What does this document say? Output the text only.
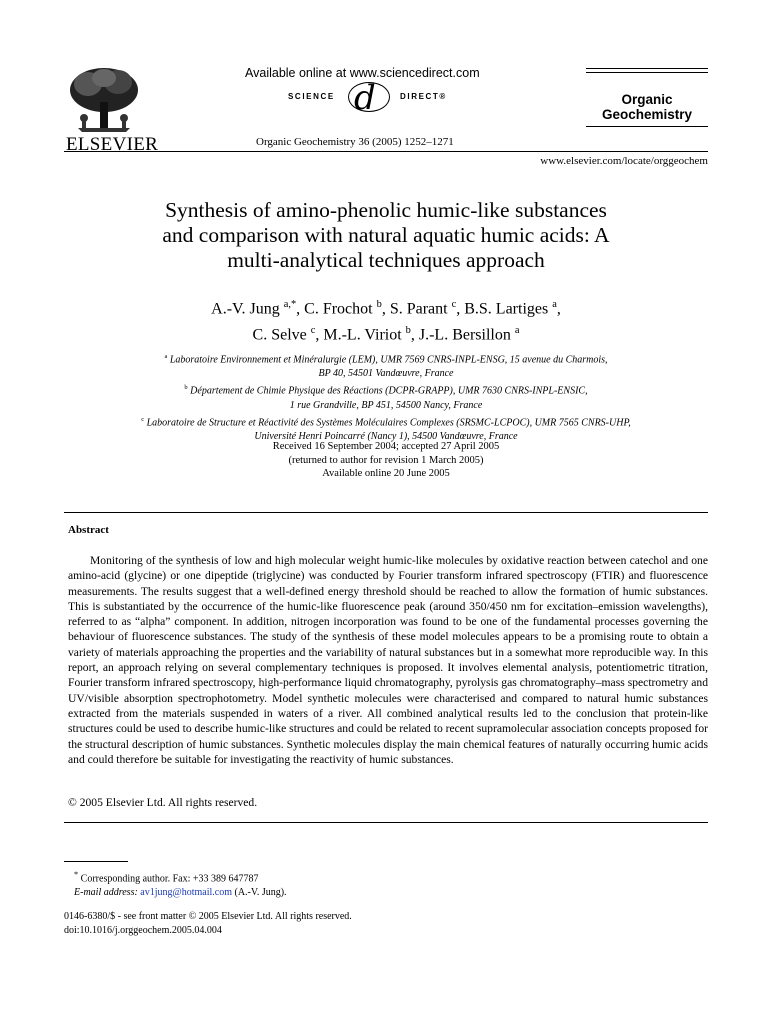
ELSEVIER
Available online at www.sciencedirect.com
SCIENCE d	DIRECT®
Organic Geochemistry 36 (2005) 1252–1271
Organic
Geochemistry
www.elsevier.com/locate/orggeochem
Synthesis of amino-phenolic humic-like substances
and comparison with natural aquatic humic acids: A
multi-analytical techniques approach
A.-V. Jung $^{a,*}$, C. Frochot $^b$, S. Parant $^c$, B.S. Lartiges $^a$,
C. Selve $^c$, M.-L. Viriot $^b$, J.-L. Bersillon $^a$
$^a$ Laboratoire Environnement et Minéralurgie (LEM), UMR 7569 CNRS-INPL-ENSG, 15 avenue du Charmois,
BP 40, 54501 Vandœuvre, France
$^b$ Département de Chimie Physique des Réactions (DCPR-GRAPP), UMR 7630 CNRS-INPL-ENSIC,
1 rue Grandville, BP 451, 54500 Nancy, France
$^c$ Laboratoire de Structure et Réactivité des Systèmes Moléculaires Complexes (SRSMC-LCPOC), UMR 7565 CNRS-UHP,
Université Henri Poincarré (Nancy 1), 54500 Vandœuvre, France
Received 16 September 2004; accepted 27 April 2005
(returned to author for revision 1 March 2005)
Available online 20 June 2005
Abstract
Monitoring of the synthesis of low and high molecular weight humic-like molecules by oxidative reaction between catechol and one amino-acid (glycine) or one dipeptide (triglycine) was conducted by Fourier transform infrared spectroscopy (FTIR) and fluorescence measurements. The results suggest that a well-defined energy threshold should be reached to allow the formation of humic substances. This is substantiated by the occurrence of the humic-like fluorescence peak (around 350/450 nm for excitation–emission wavelengths), referred to as “alpha” component. In addition, nitrogen incorporation was found to be one of the fundamental processes governing the behaviour of fluorescence substances. The study of the synthesis of these model molecules appears to be a promising route to obtain a variety of materials approaching the properties and the variability of natural substances but in a somewhat more reproducible way. In this report, an approach relying on several complementary techniques is proposed. It involves elemental analysis, potentiometric titration, Fourier transform infrared spectroscopy, high-performance liquid chromatography, pyrolysis gas chromatography–mass spectrometry and UV/visible absorption spectrophotometry. Model synthetic molecules were characterised and compared to natural humic substances extracted from the materials suspended in waters of a river. All combined analytical results led to the conclusion that protein-like structures could be used to describe humic-like structures and could be related to recent supramolecular association concepts proposed for the structural description of humic substances. Synthetic molecules display the main chemical features of naturally occurring humic acids and could therefore be suitable for investigating the reactivity of humic substances.
© 2005 Elsevier Ltd. All rights reserved.
* Corresponding author. Fax: +33 389 647787
E-mail address: av1jung@hotmail.com (A.-V. Jung).
0146-6380/$ - see front matter © 2005 Elsevier Ltd. All rights reserved.
doi:10.1016/j.orggeochem.2005.04.004
